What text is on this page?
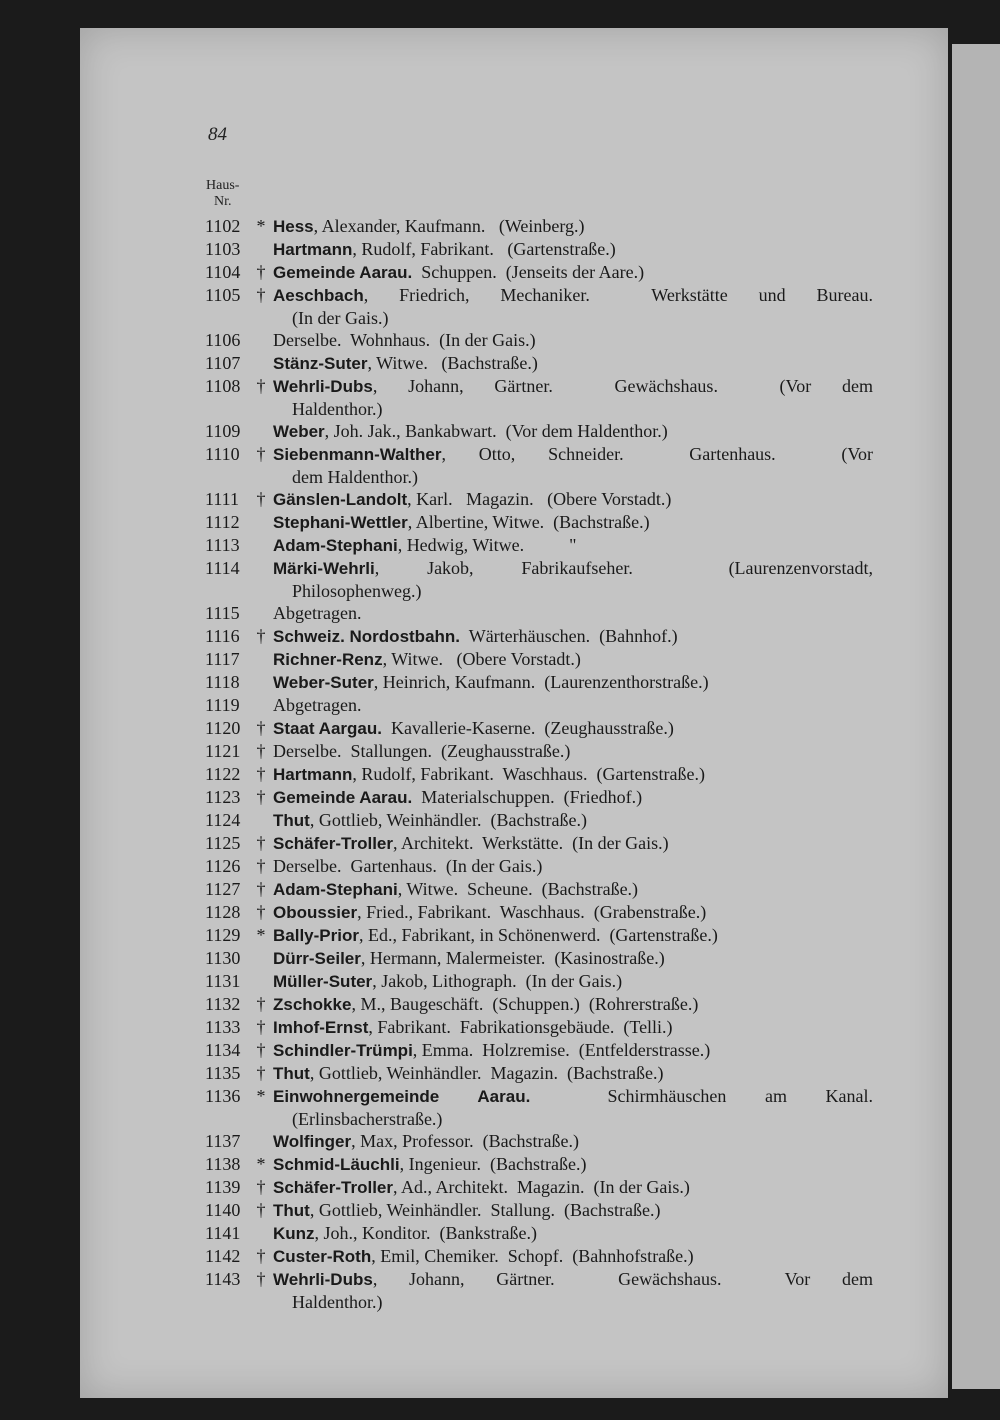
84
Haus-
Nr.
1102 * Hess, Alexander, Kaufmann.   (Weinberg.)
1103	Hartmann, Rudolf, Fabrikant.   (Gartenstraße.)
1104 † Gemeinde Aarau.  Schuppen.  (Jenseits der Aare.)
1105 † Aeschbach, Friedrich, Mechaniker.  Werkstätte und Bureau.
(In der Gais.)
1106	Derselbe.  Wohnhaus.  (In der Gais.)
1107	Stänz-Suter, Witwe.   (Bachstraße.)
1108 † Wehrli-Dubs, Johann, Gärtner.  Gewächshaus.  (Vor dem
Haldenthor.)
1109	Weber, Joh. Jak., Bankabwart.  (Vor dem Haldenthor.)
1110 † Siebenmann-Walther, Otto, Schneider.  Gartenhaus.  (Vor
dem Haldenthor.)
1111 † Gänslen-Landolt, Karl.   Magazin.   (Obere Vorstadt.)
1112	Stephani-Wettler, Albertine, Witwe.  (Bachstraße.)
1113	Adam-Stephani, Hedwig, Witwe.          "
1114	Märki-Wehrli, Jakob, Fabrikaufseher.  (Laurenzenvorstadt,
Philosophenweg.)
1115	Abgetragen.
1116 † Schweiz. Nordostbahn.  Wärterhäuschen.  (Bahnhof.)
1117	Richner-Renz, Witwe.   (Obere Vorstadt.)
1118	Weber-Suter, Heinrich, Kaufmann.  (Laurenzenthorstraße.)
1119	Abgetragen.
1120 † Staat Aargau.  Kavallerie-Kaserne.  (Zeughausstraße.)
1121 † Derselbe.  Stallungen.  (Zeughausstraße.)
1122 † Hartmann, Rudolf, Fabrikant.  Waschhaus.  (Gartenstraße.)
1123 † Gemeinde Aarau.  Materialschuppen.  (Friedhof.)
1124	Thut, Gottlieb, Weinhändler.  (Bachstraße.)
1125 † Schäfer-Troller, Architekt.  Werkstätte.  (In der Gais.)
1126 † Derselbe.  Gartenhaus.  (In der Gais.)
1127 † Adam-Stephani, Witwe.  Scheune.  (Bachstraße.)
1128 † Oboussier, Fried., Fabrikant.  Waschhaus.  (Grabenstraße.)
1129 * Bally-Prior, Ed., Fabrikant, in Schönenwerd.  (Gartenstraße.)
1130	Dürr-Seiler, Hermann, Malermeister.  (Kasinostraße.)
1131	Müller-Suter, Jakob, Lithograph.  (In der Gais.)
1132 † Zschokke, M., Baugeschäft.  (Schuppen.)  (Rohrerstraße.)
1133 † Imhof-Ernst, Fabrikant.  Fabrikationsgebäude.  (Telli.)
1134 † Schindler-Trümpi, Emma.  Holzremise.  (Entfelderstrasse.)
1135 † Thut, Gottlieb, Weinhändler.  Magazin.  (Bachstraße.)
1136 * Einwohnergemeinde Aarau.  Schirmhäuschen am Kanal.
(Erlinsbacherstraße.)
1137	Wolfinger, Max, Professor.  (Bachstraße.)
1138 * Schmid-Läuchli, Ingenieur.  (Bachstraße.)
1139 † Schäfer-Troller, Ad., Architekt.  Magazin.  (In der Gais.)
1140 † Thut, Gottlieb, Weinhändler.  Stallung.  (Bachstraße.)
1141	Kunz, Joh., Konditor.  (Bankstraße.)
1142 † Custer-Roth, Emil, Chemiker.  Schopf.  (Bahnhofstraße.)
1143 † Wehrli-Dubs, Johann, Gärtner.  Gewächshaus.  Vor dem
Haldenthor.)
